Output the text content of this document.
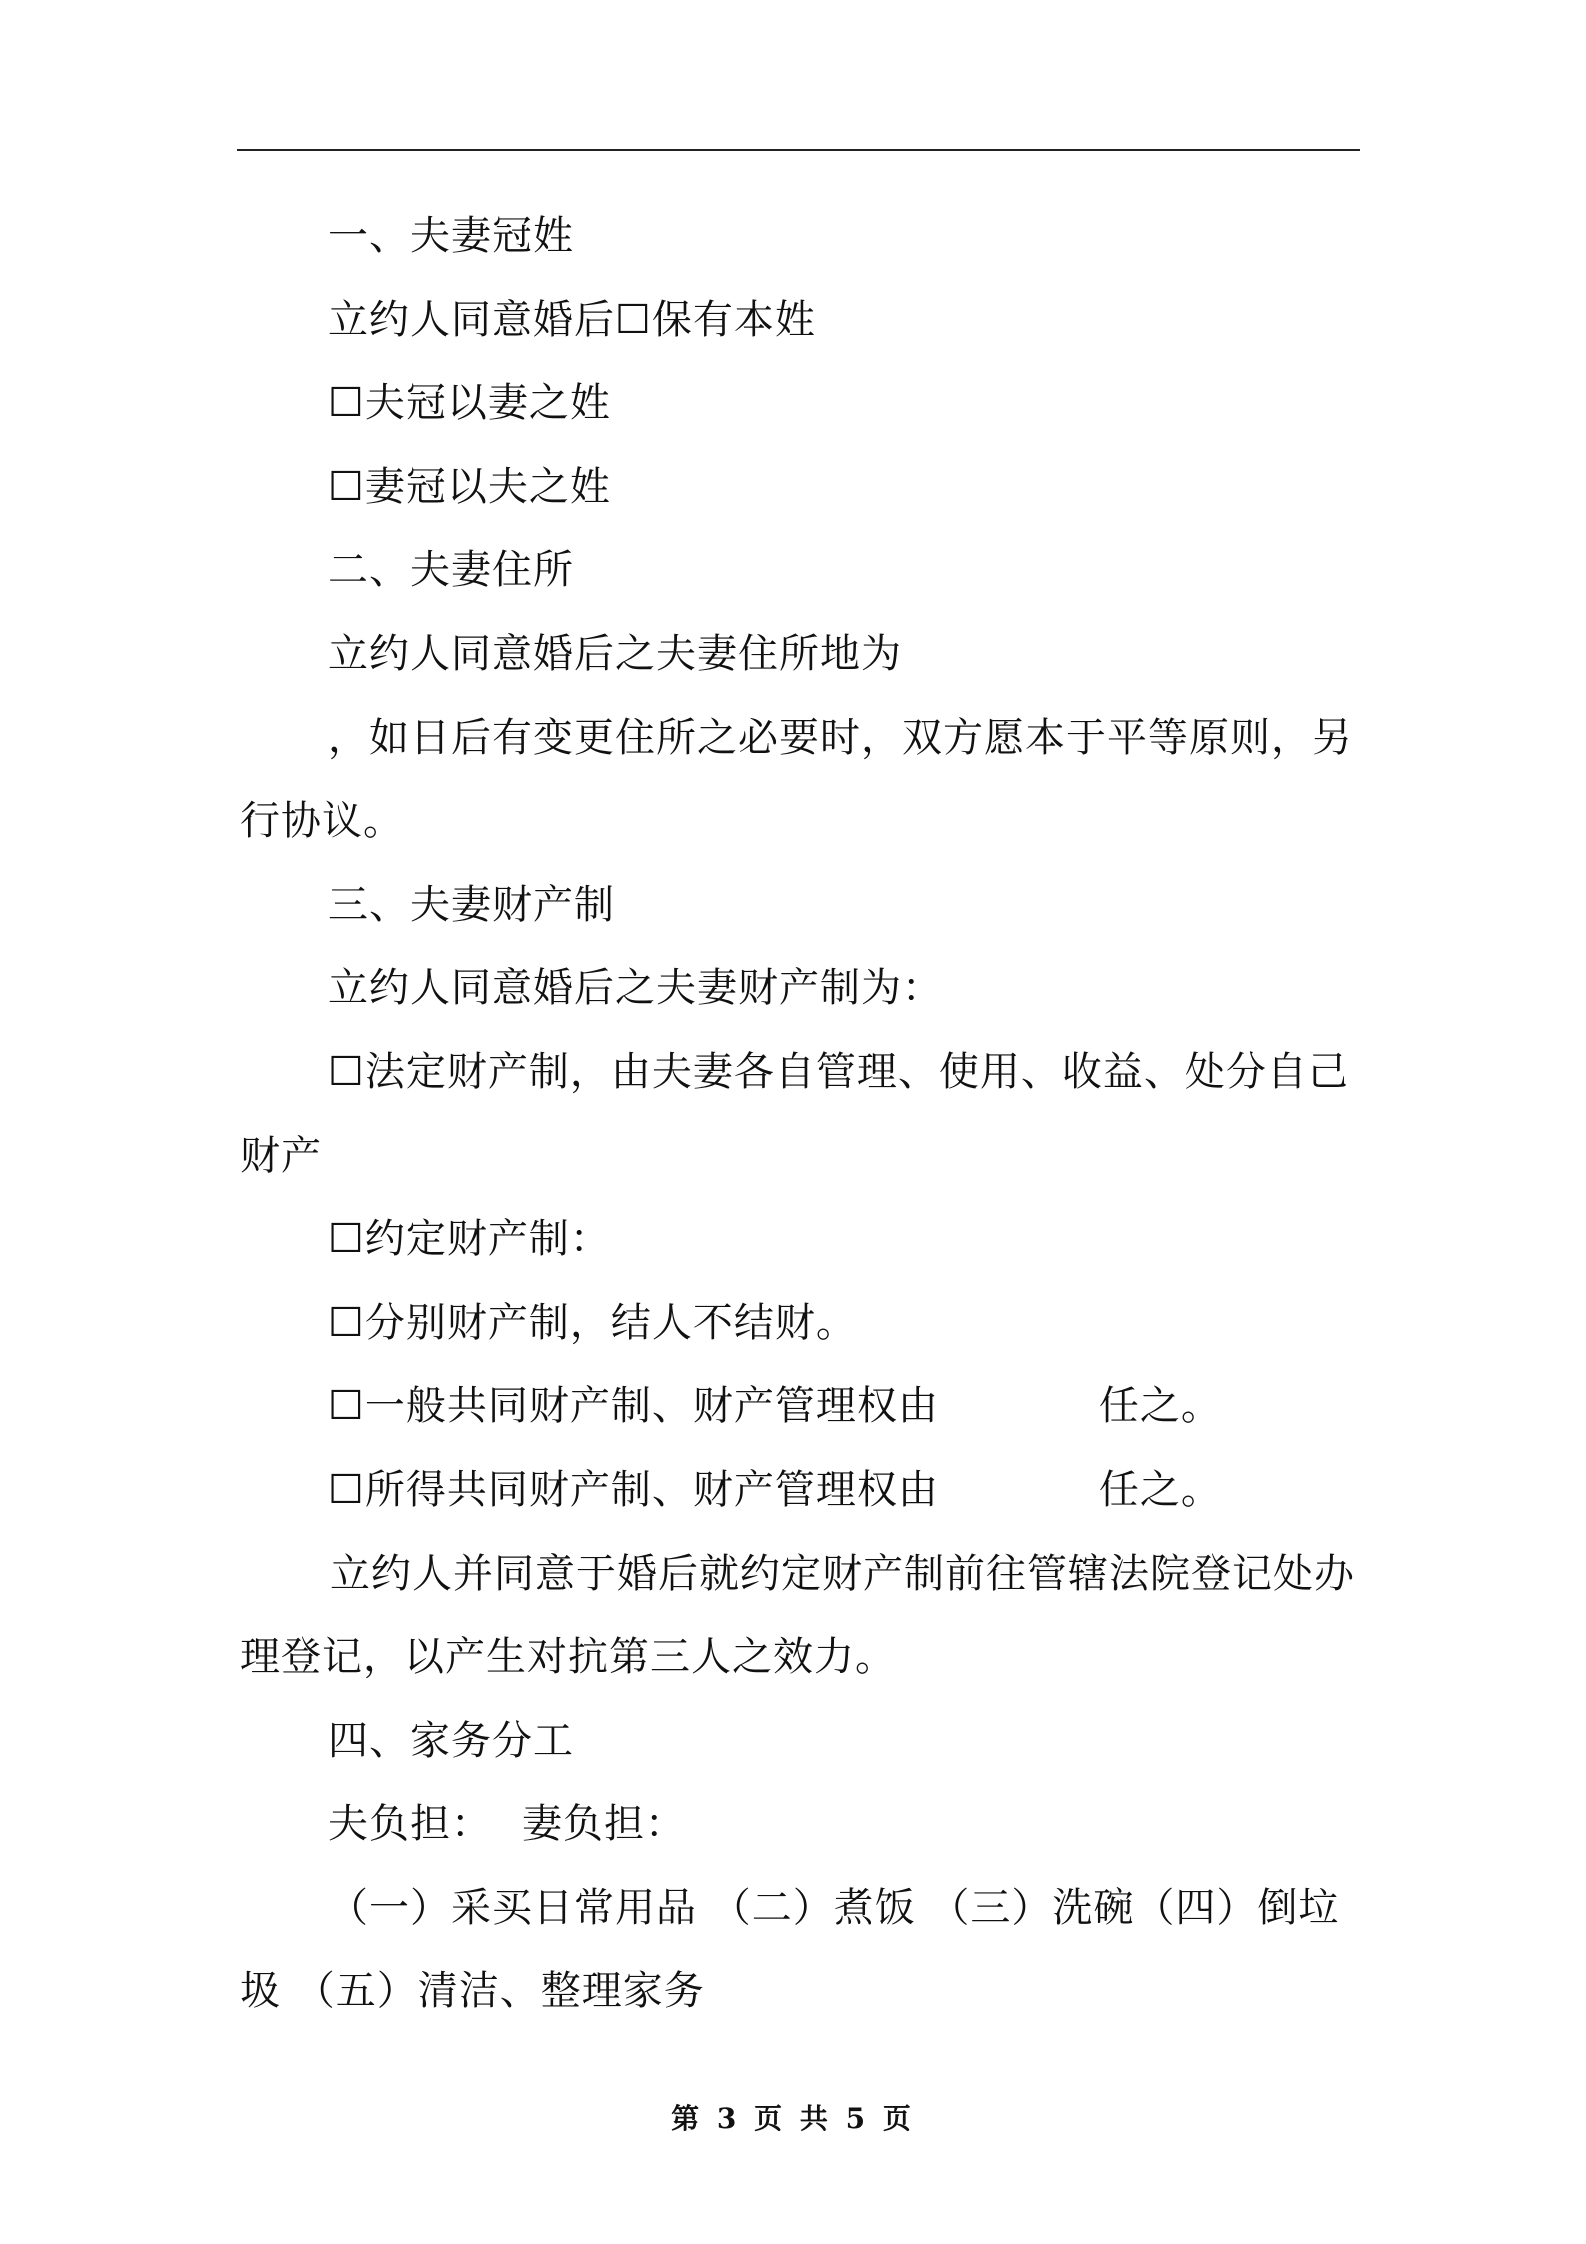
一、夫妻冠姓

立约人同意婚后☐保有本姓

☐夫冠以妻之姓

☐妻冠以夫之姓

二、夫妻住所

立约人同意婚后之夫妻住所地为

，如日后有变更住所之必要时，双方愿本于平等原则，另行协议。

三、夫妻财产制

立约人同意婚后之夫妻财产制为：

☐法定财产制，由夫妻各自管理、使用、收益、处分自己财产

☐约定财产制：

☐分别财产制，结人不结财。

☐一般共同财产制、财产管理权由	任之。

☐所得共同财产制、财产管理权由	任之。

立约人并同意于婚后就约定财产制前往管辖法院登记处办理登记，以产生对抗第三人之效力。

四、家务分工

夫负担： 妻负担：

（一）采买日常用品 （二）煮饭 （三）洗碗（四）倒垃圾 （五）清洁、整理家务

第 3 页 共 5 页
